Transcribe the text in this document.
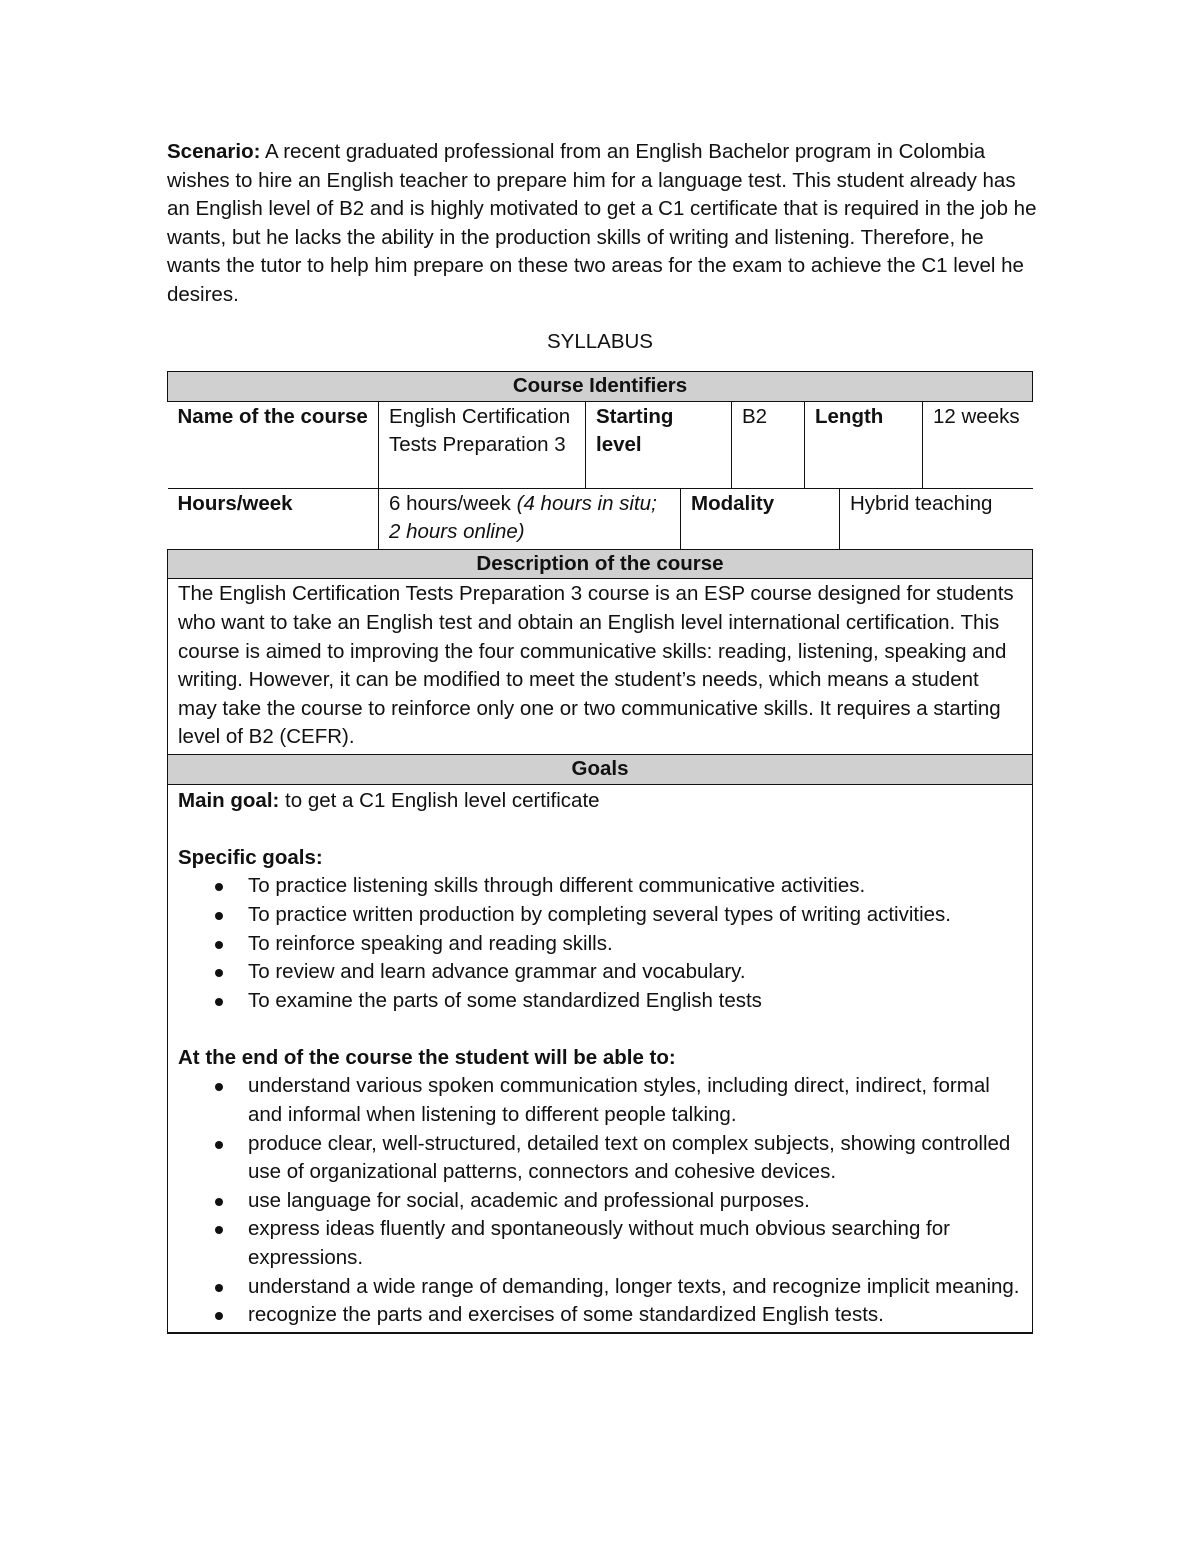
Scenario: A recent graduated professional from an English Bachelor program in Colombia wishes to hire an English teacher to prepare him for a language test. This student already has an English level of B2 and is highly motivated to get a C1 certificate that is required in the job he wants, but he lacks the ability in the production skills of writing and listening. Therefore, he wants the tutor to help him prepare on these two areas for the exam to achieve the C1 level he desires.

SYLLABUS

Course Identifiers

Name of the course	English Certification Tests Preparation 3	Starting level	B2	Length	12 weeks

Hours/week	6 hours/week (4 hours in situ; 2 hours online)	Modality	Hybrid teaching

Description of the course
The English Certification Tests Preparation 3 course is an ESP course designed for students who want to take an English test and obtain an English level international certification. This course is aimed to improving the four communicative skills: reading, listening, speaking and writing. However, it can be modified to meet the student’s needs, which means a student may take the course to reinforce only one or two communicative skills. It requires a starting level of B2 (CEFR).
Goals

Main goal: to get a C1 English level certificate

Specific goals:

To practice listening skills through different communicative activities.
To practice written production by completing several types of writing activities.
To reinforce speaking and reading skills.
To review and learn advance grammar and vocabulary.
To examine the parts of some standardized English tests

At the end of the course the student will be able to:

understand various spoken communication styles, including direct, indirect, formal and informal when listening to different people talking.
produce clear, well-structured, detailed text on complex subjects, showing controlled use of organizational patterns, connectors and cohesive devices.
use language for social, academic and professional purposes.
express ideas fluently and spontaneously without much obvious searching for expressions.
understand a wide range of demanding, longer texts, and recognize implicit meaning.
recognize the parts and exercises of some standardized English tests.
